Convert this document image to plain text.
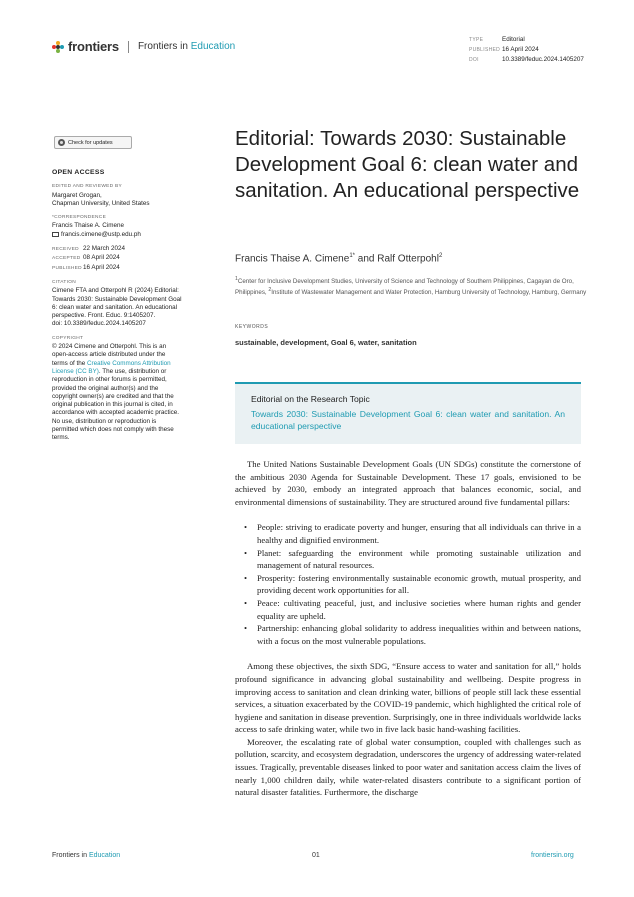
frontiers Frontiers in Education
TYPE	Editorial
PUBLISHED 16 April 2024
DOI	10.3389/feduc.2024.1405207
Check for updates
OPEN ACCESS
EDITED AND REVIEWED BY
Margaret Grogan,
Chapman University, United States
*CORRESPONDENCE
Francis Thaise A. Cimene
francis.cimene@ustp.edu.ph
RECEIVED 22 March 2024
ACCEPTED 08 April 2024
PUBLISHED16 April 2024
CITATION
Cimene FTA and Otterpohl R (2024) Editorial:
Towards 2030: Sustainable Development Goal
6: clean water and sanitation. An educational
perspective. Front. Educ. 9:1405207.
doi: 10.3389/feduc.2024.1405207
COPYRIGHT
© 2024 Cimene and Otterpohl. This is an
open-access article distributed under the
terms of the Creative Commons Attribution
License (CC BY). The use, distribution or
reproduction in other forums is permitted,
provided the original author(s) and the
copyright owner(s) are credited and that the
original publication in this journal is cited, in
accordance with accepted academic practice.
No use, distribution or reproduction is
permitted which does not comply with these
terms.
Editorial: Towards 2030: Sustainable Development Goal 6: clean water and sanitation. An educational perspective
Francis Thaise A. Cimene$^{1*}$ and Ralf Otterpohl$^2$
$^1$Center for Inclusive Development Studies, University of Science and Technology of Southern Philippines, Cagayan de Oro, Philippines, $^2$Institute of Wastewater Management and Water Protection, Hamburg University of Technology, Hamburg, Germany
KEYWORDS
sustainable, development, Goal 6, water, sanitation
Editorial on the Research Topic
Towards 2030: Sustainable Development Goal 6: clean water and sanitation. An educational perspective

The United Nations Sustainable Development Goals (UN SDGs) constitute the cornerstone of the ambitious 2030 Agenda for Sustainable Development. These 17 goals, envisioned to be achieved by 2030, embody an integrated approach that balances economic, social, and environmental dimensions of sustainability. They are structured around five fundamental pillars:

• People: striving to eradicate poverty and hunger, ensuring that all individuals can thrive in a healthy and dignified environment.
• Planet: safeguarding the environment while promoting sustainable utilization and management of natural resources.
• Prosperity: fostering environmentally sustainable economic growth, mutual prosperity, and providing decent work opportunities for all.
• Peace: cultivating peaceful, just, and inclusive societies where human rights and gender equality are upheld.
• Partnership: enhancing global solidarity to address inequalities within and between nations, with a focus on the most vulnerable populations.

Among these objectives, the sixth SDG, “Ensure access to water and sanitation for all,” holds profound significance in advancing global sustainability and wellbeing. Despite progress in improving access to sanitation and clean drinking water, billions of people still lack these essential services, a situation exacerbated by the COVID-19 pandemic, which highlighted the critical role of hygiene and sanitation in disease prevention. Surprisingly, one in three individuals worldwide lacks access to safe drinking water, while two in five lack basic hand-washing facilities.

Moreover, the escalating rate of global water consumption, coupled with challenges such as pollution, scarcity, and ecosystem degradation, underscores the urgency of addressing water-related issues. Tragically, preventable diseases linked to poor water and sanitation access claim the lives of nearly 1,000 children daily, while water-related disasters contribute to a significant portion of natural disaster fatalities. Furthermore, the discharge

Frontiers in Education	01	frontiersin.org
